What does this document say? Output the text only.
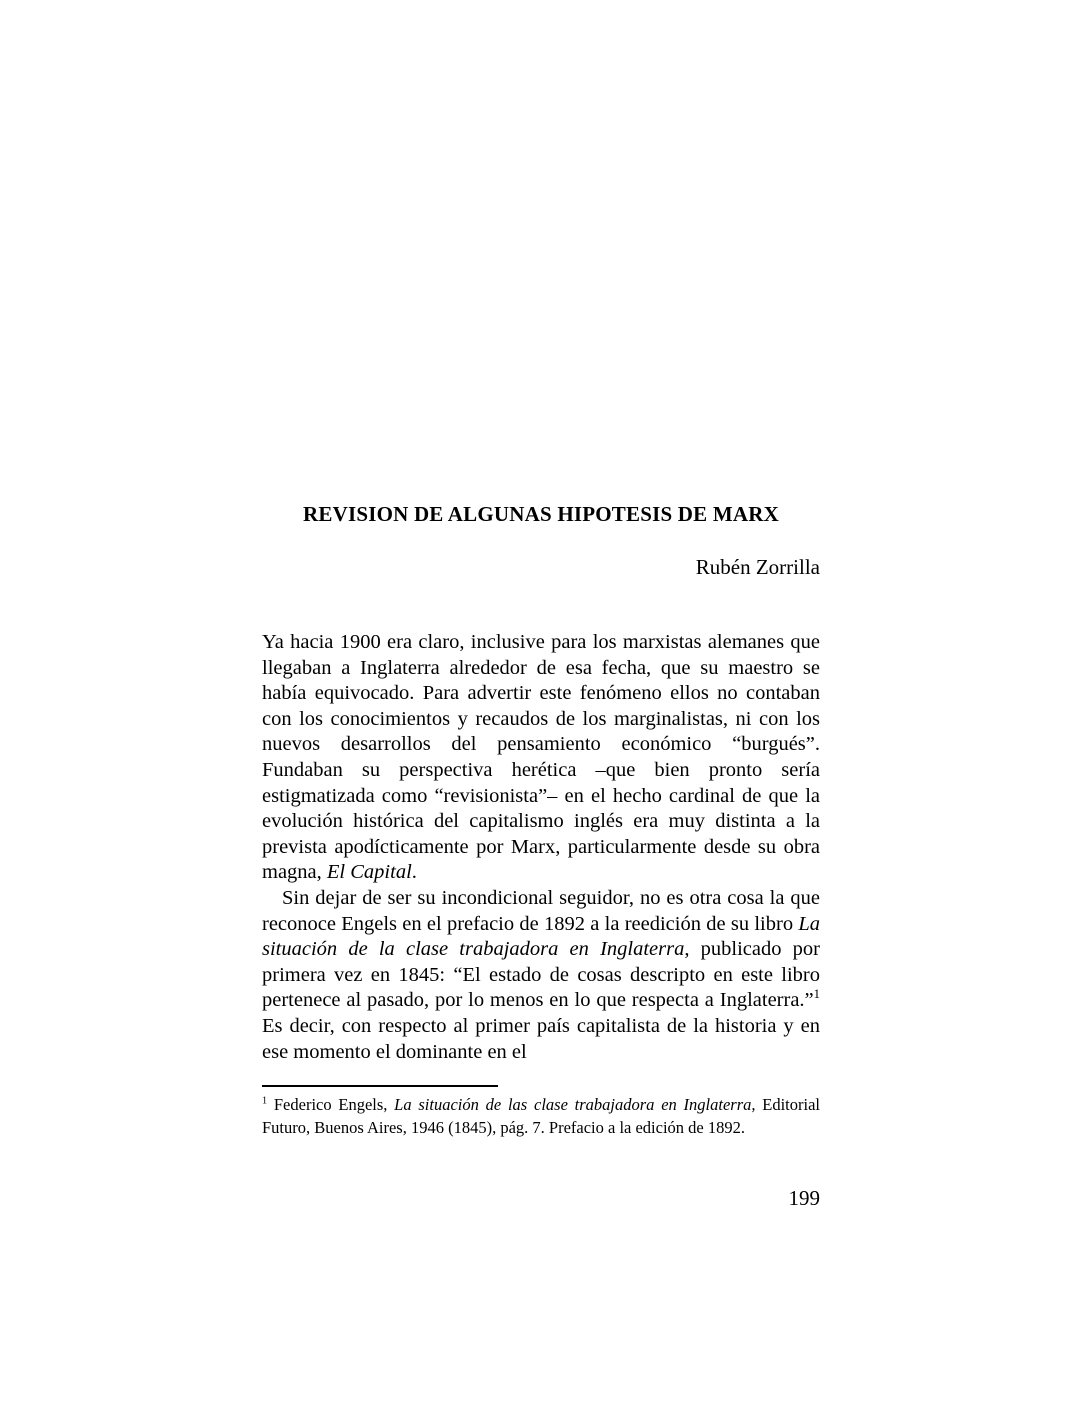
REVISION DE ALGUNAS HIPOTESIS DE MARX
Rubén Zorrilla

Ya hacia 1900 era claro, inclusive para los marxistas alemanes que llegaban a Inglaterra alrededor de esa fecha, que su maestro se había equivocado. Para advertir este fenómeno ellos no contaban con los conocimientos y recaudos de los marginalistas, ni con los nuevos desarrollos del pensamiento económico “burgués”. Fundaban su perspectiva herética –que bien pronto sería estigmatizada como “revisionista”– en el hecho cardinal de que la evolución histórica del capitalismo inglés era muy distinta a la prevista apodícticamente por Marx, particularmente desde su obra magna, El Capital.

Sin dejar de ser su incondicional seguidor, no es otra cosa la que reconoce Engels en el prefacio de 1892 a la reedición de su libro La situación de la clase trabajadora en Inglaterra, publicado por primera vez en 1845: “El estado de cosas descripto en este libro pertenece al pasado, por lo menos en lo que respecta a Inglaterra.”$^1$ Es decir, con respecto al primer país capitalista de la historia y en ese momento el dominante en el

$^1$ Federico Engels, La situación de las clase trabajadora en Inglaterra, Editorial Futuro, Buenos Aires, 1946 (1845), pág. 7. Prefacio a la edición de 1892.

199
